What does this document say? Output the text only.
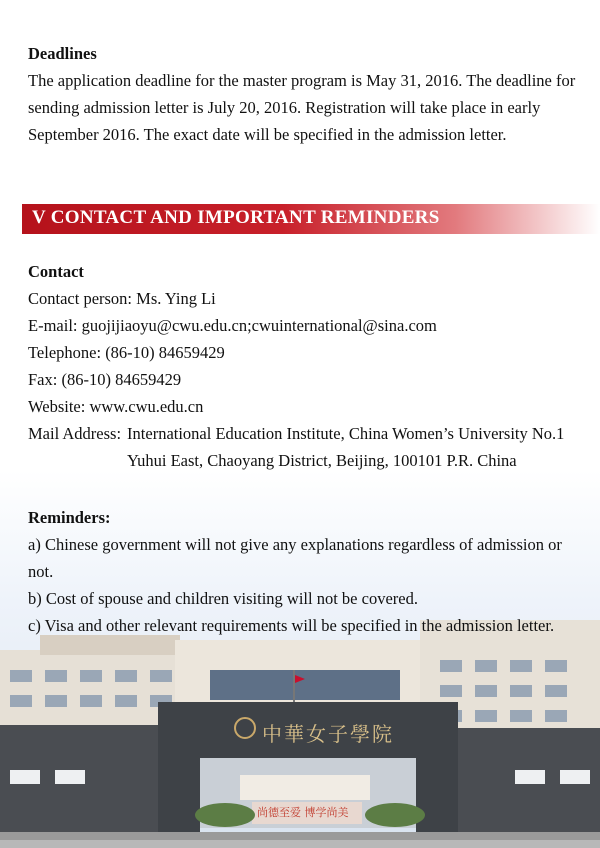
中華女子學院
尚德至爱 博学尚美
Deadlines
The application deadline for the master program is May 31, 2016. The deadline for sending admission letter is July 20, 2016. Registration will take place in early September 2016. The exact date will be specified in the admission letter.
V CONTACT AND IMPORTANT REMINDERS
Contact
Contact person: Ms. Ying Li
E-mail: guojijiaoyu@cwu.edu.cn;cwuinternational@sina.com
Telephone: (86-10) 84659429
Fax: (86-10) 84659429
Website: www.cwu.edu.cn
Mail Address: International Education Institute, China Women’s University No.1 Yuhui East, Chaoyang District, Beijing, 100101 P.R. China
Reminders:
a) Chinese government will not give any explanations regardless of admission or not.
b) Cost of spouse and children visiting will not be covered.
c) Visa and other relevant requirements will be specified in the admission letter.
